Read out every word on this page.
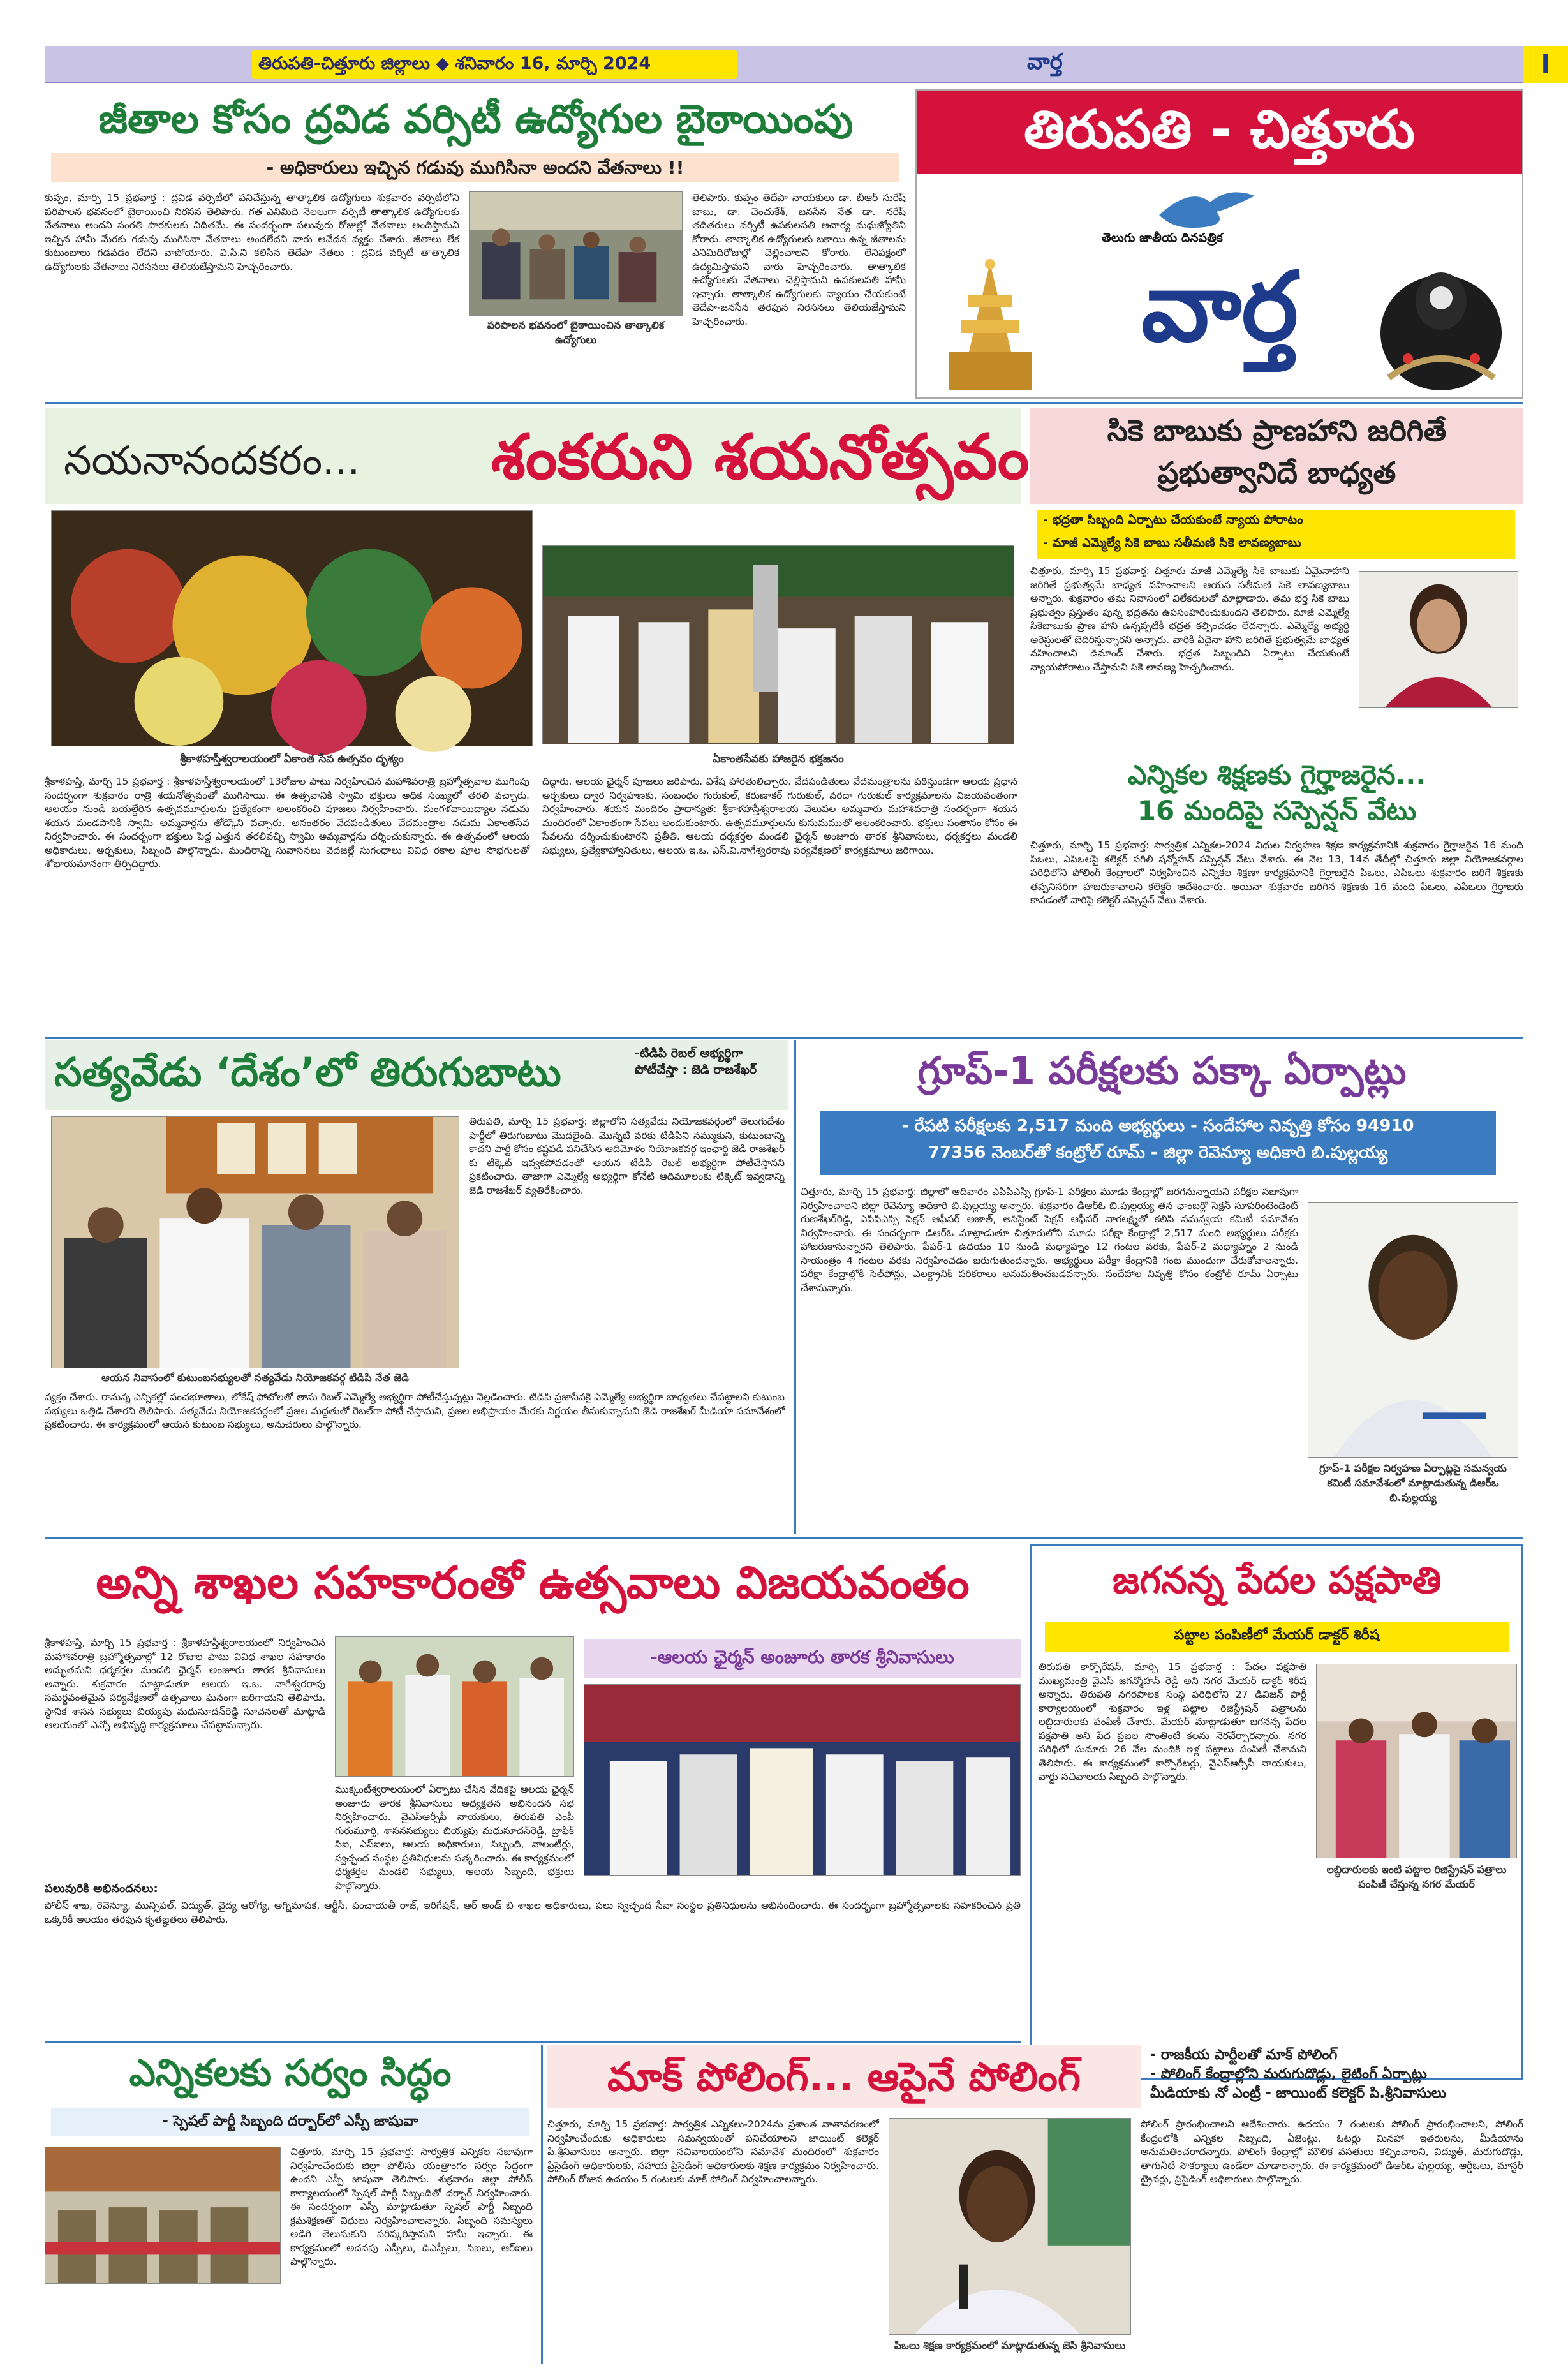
తిరుపతి-చిత్తూరు జిల్లాలు ◆ శనివారం 16, మార్చి 2024	వార్త	I
జీతాల కోసం ద్రవిడ వర్సిటీ ఉద్యోగుల బైఠాయింపు
- అధికారులు ఇచ్చిన గడువు ముగిసినా అందని వేతనాలు !!
కుప్పం, మార్చి 15 ప్రభవార్త : ద్రవిడ వర్సిటీలో పనిచేస్తున్న తాత్కాలిక ఉద్యోగులు శుక్రవారం వర్సిటీలోని పరిపాలన భవనంలో బైఠాయించి నిరసన తెలిపారు. గత ఎనిమిది నెలలుగా వర్సిటీ తాత్కాలిక ఉద్యోగులకు వేతనాలు అందని సంగతి పాఠకులకు విదితమే. ఈ సందర్భంగా పలువురు రోజుల్లో వేతనాలు అందిస్తామని ఇచ్చిన హామీ మేరకు గడువు ముగిసినా వేతనాలు అందలేదని వారు ఆవేదన వ్యక్తం చేశారు. జీతాలు లేక కుటుంబాలు గడవడం లేదని వాపోయారు. వి.సి.ని కలిసిన తెదేపా నేతలు : ద్రవిడ వర్సిటీ తాత్కాలిక ఉద్యోగులకు వేతనాలు నిరసనలు తెలియజేస్తామని హెచ్చరించారు.
పరిపాలన భవనంలో బైఠాయించిన తాత్కాలిక ఉద్యోగులు
తెలిపారు. కుప్పం తెదేపా నాయకులు డా. బీఆర్ సురేష్ బాబు, డా. చెంచుకేశ్, జనసేన నేత డా. నరేష్ తదితరులు వర్సిటీ ఉపకులపతి ఆచార్య మధుజ్యోతిని కోరారు. తాత్కాలిక ఉద్యోగులకు బకాయి ఉన్న జీతాలను ఎనిమిదిరోజుల్లో చెల్లించాలని కోరారు. లేనిపక్షంలో ఉద్యమిస్తామని వారు హెచ్చరించారు. తాత్కాలిక ఉద్యోగులకు వేతనాలు చెల్లిస్తామని ఉపకులపతి హామీ ఇచ్చారు. తాత్కాలిక ఉద్యోగులకు న్యాయం చేయకుంటే తెదేపా-జనసేన తరఫున నిరసనలు తెలియజేస్తామని హెచ్చరించారు.
తిరుపతి - చిత్తూరు
తెలుగు జాతీయ దినపత్రిక
వార్త
నయనానందకరం... శంకరుని శయనోత్సవం
శ్రీకాళహస్తీశ్వరాలయంలో ఏకాంత సేవ ఉత్సవం దృశ్యం	ఏకాంతసేవకు హాజరైన భక్తజనం
శ్రీకాళహస్తి, మార్చి 15 ప్రభవార్త : శ్రీకాళహస్తీశ్వరాలయంలో 13రోజుల పాటు నిర్వహించిన మహాశివరాత్రి బ్రహ్మోత్సవాల ముగింపు సందర్భంగా శుక్రవారం రాత్రి శయనోత్సవంతో ముగిసాయి. ఈ ఉత్సవానికి స్వామి భక్తులు అధిక సంఖ్యలో తరలి వచ్చారు. ఆలయం నుండి బయల్దేరిన ఉత్సవమూర్తులను ప్రత్యేకంగా అలంకరించి పూజలు నిర్వహించారు. మంగళవాయిద్యాల నడుమ శయన మండపానికి స్వామి అమ్మవార్లను తోడ్కొని వచ్చారు. అనంతరం వేదపండితులు వేదమంత్రాల నడుమ ఏకాంతసేవ నిర్వహించారు. ఈ సందర్భంగా భక్తులు పెద్ద ఎత్తున తరలివచ్చి స్వామి అమ్మవార్లను దర్శించుకున్నారు. ఈ ఉత్సవంలో ఆలయ అధికారులు, అర్చకులు, సిబ్బంది పాల్గొన్నారు. మందిరాన్ని సువాసనలు వెదజల్లే సుగంధాలు వివిధ రకాల పూల సొభగులతో శోభాయమానంగా తీర్చిదిద్దారు.
దిద్దారు. ఆలయ ఛైర్మన్ పూజలు జరిపారు. విశేష హారతులిచ్చారు. వేదపండితులు వేదమంత్రాలను పఠిస్తుండగా ఆలయ ప్రధాన అర్చకులు ద్వార నిర్వహణకు, సంబంధం గురుకుల్, కరుణాకర్ గురుకుల్, వరదా గురుకుల్ కార్యక్రమాలను విజయవంతంగా నిర్వహించారు. శయన మందిరం ప్రాధాన్యత: శ్రీకాళహస్తీశ్వరాలయ వెలుపల అమ్మవారు మహాశివరాత్రి సందర్భంగా శయన మందిరంలో ఏకాంతంగా సేవలు అందుకుంటారు. ఉత్సవమూర్తులను కుసుమముతో అలంకరించారు. భక్తులు సంతానం కోసం ఈ సేవలను దర్శించుకుంటారని ప్రతీతి. ఆలయ ధర్మకర్తల మండలి ఛైర్మన్ అంజూరు తారక శ్రీనివాసులు, ధర్మకర్తలు మండలి సభ్యులు, ప్రత్యేకాహ్వానితులు, ఆలయ ఇ.ఒ. ఎస్.వి.నాగేశ్వరరావు పర్యవేక్షణలో కార్యక్రమాలు జరిగాయి.
సికె బాబుకు ప్రాణహాని జరిగితే
ప్రభుత్వానిదే బాధ్యత
- భద్రతా సిబ్బంది ఏర్పాటు చేయకుంటే న్యాయ పోరాటం
- మాజీ ఎమ్మెల్యే సికె బాబు సతీమణి సికె లావణ్యబాబు
చిత్తూరు, మార్చి 15 ప్రభవార్త: చిత్తూరు మాజీ ఎమ్మెల్యే సికె బాబుకు ఏమైనాహాని జరిగితే ప్రభుత్వమే బాధ్యత వహించాలని ఆయన సతీమణి సికె లావణ్యబాబు అన్నారు. శుక్రవారం తమ నివాసంలో విలేకరులతో మాట్లాడారు. తమ భర్త సికె బాబు ప్రభుత్వం ప్రస్తుతం పున్న భద్రతను ఉపసంహరించుకుందని తెలిపారు. మాజీ ఎమ్మెల్యే సికెబాబుకు ప్రాణ హాని ఉన్నప్పటికీ భద్రత కల్పించడం లేదన్నారు. ఎమ్మెల్యే అభ్యర్థి అరెస్టులతో బెదిరిస్తున్నారని అన్నారు. వారికి ఏదైనా హాని జరిగితే ప్రభుత్వమే బాధ్యత వహించాలని డిమాండ్ చేశారు. భద్రత సిబ్బందిని ఏర్పాటు చేయకుంటే న్యాయపోరాటం చేస్తామని సికె లావణ్య హెచ్చరించారు.
ఎన్నికల శిక్షణకు గైర్హాజరైన...
16 మందిపై సస్పెన్షన్ వేటు
చిత్తూరు, మార్చి 15 ప్రభవార్త: సార్వత్రిక ఎన్నికల-2024 విధుల నిర్వహణ శిక్షణ కార్యక్రమానికి శుక్రవారం గైర్హాజరైన 16 మంది పిఒలు, ఎపిఒలపై కలెక్టర్ సగిలి షన్మోహన్ సస్పెన్షన్ వేటు వేశారు. ఈ నెల 13, 14వ తేదీల్లో చిత్తూరు జిల్లా నియోజకవర్గాల పరిధిలోని పోలింగ్ కేంద్రాలలో నిర్వహించిన ఎన్నికల శిక్షణా కార్యక్రమానికి గైర్హాజరైన పిఒలు, ఎపిఒలు శుక్రవారం జరిగే శిక్షణకు తప్పనిసరిగా హాజరుకావాలని కలెక్టర్ ఆదేశించారు. అయినా శుక్రవారం జరిగిన శిక్షణకు 16 మంది పిఒలు, ఎపిఒలు గైర్హాజరు కావడంతో వారిపై కలెక్టర్ సస్పెన్షన్ వేటు వేశారు.
సత్యవేడు ‘దేశం’లో తిరుగుబాటు	-టిడిపి రెబల్ అభ్యర్థిగా పోటీచేస్తా : జెడి రాజశేఖర్
ఆయన నివాసంలో కుటుంబసభ్యులతో సత్యవేడు నియోజకవర్గ టిడిపి నేత జెడి
తిరుపతి, మార్చి 15 ప్రభవార్త: జిల్లాలోని సత్యవేడు నియోజకవర్గంలో తెలుగుదేశం పార్టీలో తిరుగుబాటు మొదలైంది. మొన్నటి వరకు టిడిపిని నమ్ముకుని, కుటుంబాన్ని కాదని పార్టీ కోసం కష్టపడి పనిచేసిన ఆదిమోళం నియోజకవర్గ ఇంఛార్జి జెడి రాజశేఖర్ కు టిక్కెట్ ఇవ్వకపోవడంతో ఆయన టిడిపి రెబల్ అభ్యర్థిగా పోటీచేస్తానని ప్రకటించారు. తాజాగా ఎమ్మెల్యే అభ్యర్థిగా కోనేటి ఆదిమూలంకు టిక్కెట్ ఇవ్వడాన్ని జెడి రాజశేఖర్ వ్యతిరేకించారు.
వ్యక్తం చేశారు. రానున్న ఎన్నికల్లో పంచభూతాలు, లోకేష్ ఫోటోలతో తాను రెబల్ ఎమ్మెల్యే అభ్యర్థిగా పోటీచేస్తున్నట్లు వెల్లడించారు. టిడిపి ప్రజాసేవకై ఎమ్మెల్యే అభ్యర్థిగా బాధ్యతలు చేపట్టాలని కుటుంబ సభ్యులు ఒత్తిడి చేశారని తెలిపారు. సత్యవేడు నియోజకవర్గంలో ప్రజల మద్దతుతో రెబల్‌గా పోటీ చేస్తామని, ప్రజల అభిప్రాయం మేరకు నిర్ణయం తీసుకున్నామని జెడి రాజశేఖర్ మీడియా సమావేశంలో ప్రకటించారు. ఈ కార్యక్రమంలో ఆయన కుటుంబ సభ్యులు, అనుచరులు పాల్గొన్నారు.
గ్రూప్-1 పరీక్షలకు పక్కా ఏర్పాట్లు
- రేపటి పరీక్షలకు 2,517 మంది అభ్యర్థులు - సందేహాల నివృత్తి కోసం 94910
77356 నెంబర్‌తో కంట్రోల్ రూమ్ - జిల్లా రెవెన్యూ అధికారి బి.పుల్లయ్య
చిత్తూరు, మార్చి 15 ప్రభవార్త: జిల్లాలో ఆదివారం ఎపిపిఎస్సి గ్రూప్-1 పరీక్షలు మూడు కేంద్రాల్లో జరగనున్నాయని పరీక్షల సజావుగా నిర్వహించాలని జిల్లా రెవెన్యూ అధికారి బి.పుల్లయ్య అన్నారు. శుక్రవారం డిఆర్ఓ బి.పుల్లయ్య తన ఛాంబర్లో సెక్షన్ సూపరింటెండెంట్ గుణశేఖర్‌రెడ్డి, ఎపిపిఎస్సి సెక్షన్ ఆఫీసర్ అజాత్, అసిస్టెంట్ సెక్షన్ ఆఫీసర్ నాగలక్ష్మితో కలిసి సమన్వయ కమిటీ సమావేశం నిర్వహించారు. ఈ సందర్భంగా డిఆర్ఓ మాట్లాడుతూ చిత్తూరులోని మూడు పరీక్షా కేంద్రాల్లో 2,517 మంది అభ్యర్థులు పరీక్షకు హాజరుకానున్నారని తెలిపారు. పేపర్-1 ఉదయం 10 నుండి మధ్యాహ్నం 12 గంటల వరకు, పేపర్-2 మధ్యాహ్నం 2 నుండి సాయంత్రం 4 గంటల వరకు నిర్వహించడం జరుగుతుందన్నారు. అభ్యర్థులు పరీక్షా కేంద్రానికి గంట ముందుగా చేరుకోవాలన్నారు. పరీక్షా కేంద్రాల్లోకి సెల్‌ఫోన్లు, ఎలక్ట్రానిక్ పరికరాలు అనుమతించబడవన్నారు. సందేహాల నివృత్తి కోసం కంట్రోల్ రూమ్ ఏర్పాటు చేశామన్నారు.
గ్రూప్-1 పరీక్షల నిర్వహణ ఏర్పాట్లపై సమన్వయ కమిటీ సమావేశంలో మాట్లాడుతున్న డిఆర్ఒ బి.పుల్లయ్య
అన్ని శాఖల సహకారంతో ఉత్సవాలు విజయవంతం
శ్రీకాళహస్తి, మార్చి 15 ప్రభవార్త : శ్రీకాళహస్తీశ్వరాలయంలో నిర్వహించిన మహాశివరాత్రి బ్రహ్మోత్సవాల్లో 12 రోజుల పాటు వివిధ శాఖల సహకారం అద్భుతమని ధర్మకర్తల మండలి ఛైర్మన్ అంజూరు తారక శ్రీనివాసులు అన్నారు. శుక్రవారం మాట్లాడుతూ ఆలయ ఇ.ఒ. నాగేశ్వరరావు సమర్థవంతమైన పర్యవేక్షణలో ఉత్సవాలు ఘనంగా జరిగాయని తెలిపారు. స్థానిక శాసన సభ్యులు బియ్యపు మధుసూదన్‌రెడ్డి సూచనలతో మాట్లాడి ఆలయంలో ఎన్నో అభివృద్ధి కార్యక్రమాలు చేపట్టామన్నారు.
-ఆలయ ఛైర్మన్ అంజూరు తారక శ్రీనివాసులు
ముక్కంటీశ్వరాలయంలో ఏర్పాటు చేసిన వేదికపై ఆలయ ఛైర్మన్ అంజూరు తారక శ్రీనివాసులు అధ్యక్షతన అభినందన సభ నిర్వహించారు. వైఎస్ఆర్సీపీ నాయకులు, తిరుపతి ఎంపీ గురుమూర్తి, శాసనసభ్యులు బియ్యపు మధుసూదన్‌రెడ్డి, ట్రాఫిక్ సిఐ, ఎస్ఐలు, ఆలయ అధికారులు, సిబ్బంది, వాలంటీర్లు, స్వచ్ఛంద సంస్థల ప్రతినిధులను సత్కరించారు. ఈ కార్యక్రమంలో ధర్మకర్తల మండలి సభ్యులు, ఆలయ సిబ్బంది, భక్తులు పాల్గొన్నారు.
పలువురికి అభినందనలు:
పోలీస్ శాఖ, రెవెన్యూ, మున్సిపల్, విద్యుత్, వైద్య ఆరోగ్య, అగ్నిమాపక, ఆర్టీసీ, పంచాయతీ రాజ్, ఇరిగేషన్, ఆర్ అండ్ బి శాఖల అధికారులు, పలు స్వచ్ఛంద సేవా సంస్థల ప్రతినిధులను అభినందించారు. ఈ సందర్భంగా బ్రహ్మోత్సవాలకు సహకరించిన ప్రతి ఒక్కరికీ ఆలయం తరఫున కృతజ్ఞతలు తెలిపారు.
జగనన్న పేదల పక్షపాతి
పట్టాల పంపిణీలో మేయర్ డాక్టర్ శిరీష
తిరుపతి కార్పొరేషన్, మార్చి 15 ప్రభవార్త : పేదల పక్షపాతి ముఖ్యమంత్రి వైఎస్ జగన్మోహన్ రెడ్డి అని నగర మేయర్ డాక్టర్ శిరీష అన్నారు. తిరుపతి నగరపాలక సంస్థ పరిధిలోని 27 డివిజన్ పార్టీ కార్యాలయంలో శుక్రవారం ఇళ్ల పట్టాల రిజిస్ట్రేషన్ పత్రాలను లబ్ధిదారులకు పంపిణీ చేశారు. మేయర్ మాట్లాడుతూ జగనన్న పేదల పక్షపాతి అని పేద ప్రజల సొంతింటి కలను నెరవేర్చారన్నారు. నగర పరిధిలో సుమారు 26 వేల మందికి ఇళ్ల పట్టాలు పంపిణీ చేశామని తెలిపారు. ఈ కార్యక్రమంలో కార్పొరేటర్లు, వైఎస్ఆర్సీపీ నాయకులు, వార్డు సచివాలయ సిబ్బంది పాల్గొన్నారు.
లబ్ధిదారులకు ఇంటి పట్టాల రిజిస్ట్రేషన్ పత్రాలు పంపిణీ చేస్తున్న నగర మేయర్
ఎన్నికలకు సర్వం సిద్ధం
- స్పెషల్ పార్టీ సిబ్బంది దర్బార్‌లో ఎస్పీ జాషువా
చిత్తూరు, మార్చి 15 ప్రభవార్త: సార్వత్రిక ఎన్నికల సజావుగా నిర్వహించేందుకు జిల్లా పోలీసు యంత్రాంగం సర్వం సిద్ధంగా ఉందని ఎస్పీ జాషువా తెలిపారు. శుక్రవారం జిల్లా పోలీస్ కార్యాలయంలో స్పెషల్ పార్టీ సిబ్బందితో దర్బార్ నిర్వహించారు. ఈ సందర్భంగా ఎస్పీ మాట్లాడుతూ స్పెషల్ పార్టీ సిబ్బంది క్రమశిక్షణతో విధులు నిర్వహించాలన్నారు. సిబ్బంది సమస్యలు అడిగి తెలుసుకుని పరిష్కరిస్తామని హామీ ఇచ్చారు. ఈ కార్యక్రమంలో అదనపు ఎస్పీలు, డిఎస్పీలు, సిఐలు, ఆర్‌ఐలు పాల్గొన్నారు.
మాక్ పోలింగ్... ఆపైనే పోలింగ్	- రాజకీయ పార్టీలతో మాక్ పోలింగ్
- పోలింగ్ కేంద్రాల్లోని మరుగుదొడ్లు, లైటింగ్ ఏర్పాట్లు
మీడియాకు నో ఎంట్రీ - జాయింట్ కలెక్టర్ పి.శ్రీనివాసులు
చిత్తూరు, మార్చి 15 ప్రభవార్త: సార్వత్రిక ఎన్నికలు-2024ను ప్రశాంత వాతావరణంలో నిర్వహించేందుకు అధికారులు సమన్వయంతో పనిచేయాలని జాయింట్ కలెక్టర్ పి.శ్రీనివాసులు అన్నారు. జిల్లా సచివాలయంలోని సమావేశ మందిరంలో శుక్రవారం ప్రిసైడింగ్ అధికారులకు, సహాయ ప్రిసైడింగ్ అధికారులకు శిక్షణ కార్యక్రమం నిర్వహించారు. పోలింగ్ రోజున ఉదయం 5 గంటలకు మాక్ పోలింగ్ నిర్వహించాలన్నారు.
పిఒలు శిక్షణ కార్యక్రమంలో మాట్లాడుతున్న జెసి శ్రీనివాసులు
పోలింగ్ ప్రారంభించాలని ఆదేశించారు. ఉదయం 7 గంటలకు పోలింగ్ ప్రారంభించాలని, పోలింగ్ కేంద్రంలోకి ఎన్నికల సిబ్బంది, ఏజెంట్లు, ఓటర్లు మినహా ఇతరులను, మీడియాను అనుమతించరాదన్నారు. పోలింగ్ కేంద్రాల్లో మౌలిక వసతులు కల్పించాలని, విద్యుత్, మరుగుదొడ్లు, తాగునీటి సౌకర్యాలు ఉండేలా చూడాలన్నారు. ఈ కార్యక్రమంలో డిఆర్ఓ పుల్లయ్య, ఆర్డీఓలు, మాస్టర్ ట్రైనర్లు, ప్రిసైడింగ్ అధికారులు పాల్గొన్నారు.
